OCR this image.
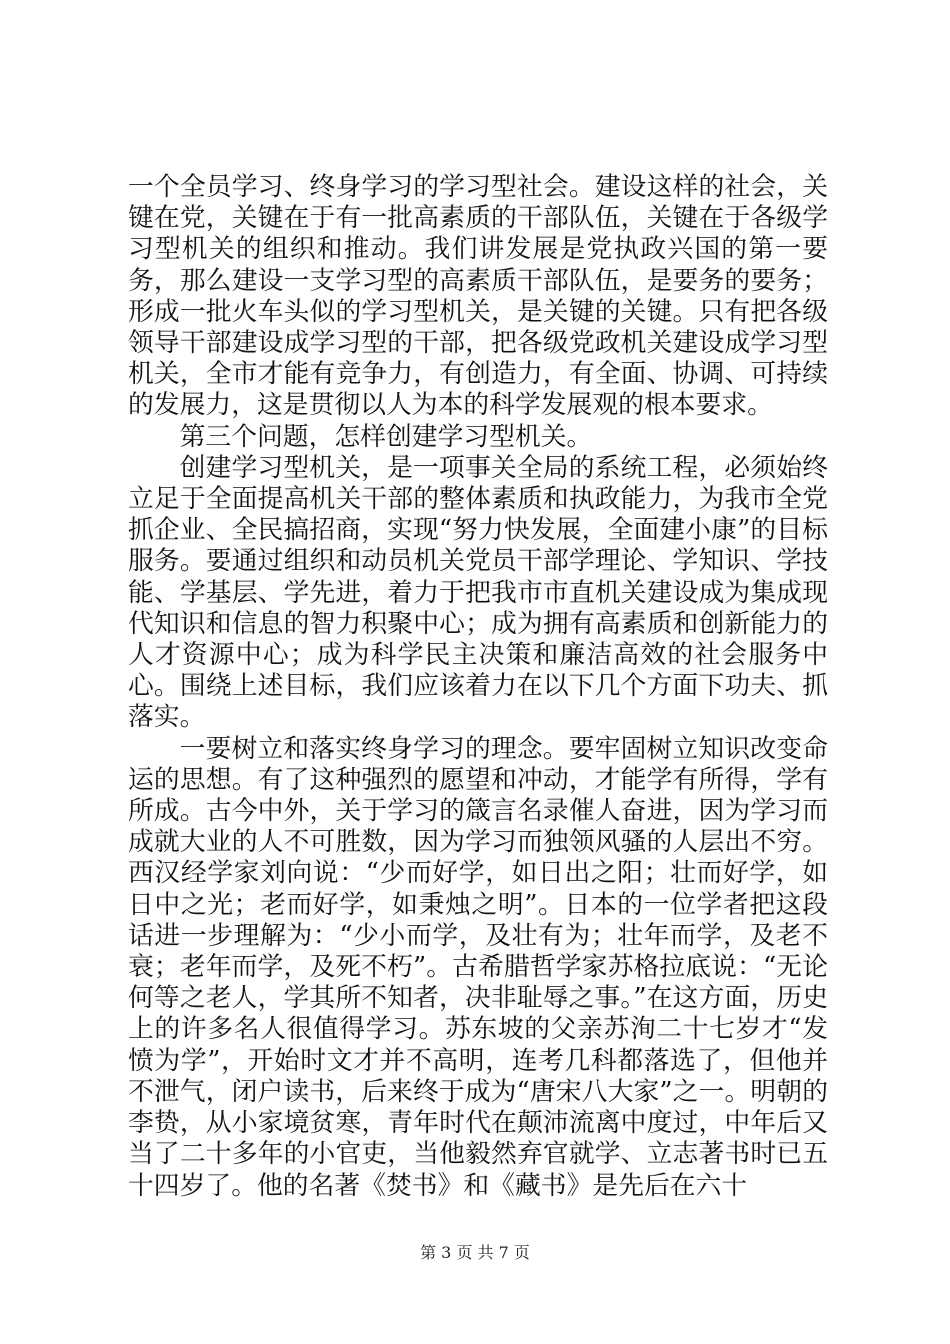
一个全员学习、终身学习的学习型社会。建设这样的社会，关键在党，关键在于有一批高素质的干部队伍，关键在于各级学习型机关的组织和推动。我们讲发展是党执政兴国的第一要务，那么建设一支学习型的高素质干部队伍，是要务的要务；形成一批火车头似的学习型机关，是关键的关键。只有把各级领导干部建设成学习型的干部，把各级党政机关建设成学习型机关，全市才能有竞争力，有创造力，有全面、协调、可持续的发展力，这是贯彻以人为本的科学发展观的根本要求。

第三个问题，怎样创建学习型机关。

创建学习型机关，是一项事关全局的系统工程，必须始终立足于全面提高机关干部的整体素质和执政能力，为我市全党抓企业、全民搞招商，实现“努力快发展，全面建小康”的目标服务。要通过组织和动员机关党员干部学理论、学知识、学技能、学基层、学先进，着力于把我市市直机关建设成为集成现代知识和信息的智力积聚中心；成为拥有高素质和创新能力的人才资源中心；成为科学民主决策和廉洁高效的社会服务中心。围绕上述目标，我们应该着力在以下几个方面下功夫、抓落实。

一要树立和落实终身学习的理念。要牢固树立知识改变命运的思想。有了这种强烈的愿望和冲动，才能学有所得，学有所成。古今中外，关于学习的箴言名录催人奋进，因为学习而成就大业的人不可胜数，因为学习而独领风骚的人层出不穷。西汉经学家刘向说：“少而好学，如日出之阳；壮而好学，如日中之光；老而好学，如秉烛之明”。日本的一位学者把这段话进一步理解为：“少小而学，及壮有为；壮年而学，及老不衰；老年而学，及死不朽”。古希腊哲学家苏格拉底说：“无论何等之老人，学其所不知者，决非耻辱之事。”在这方面，历史上的许多名人很值得学习。苏东坡的父亲苏洵二十七岁才“发愤为学”，开始时文才并不高明，连考几科都落选了，但他并不泄气，闭户读书，后来终于成为“唐宋八大家”之一。明朝的李贽，从小家境贫寒，青年时代在颠沛流离中度过，中年后又当了二十多年的小官吏，当他毅然弃官就学、立志著书时已五十四岁了。他的名著《焚书》和《藏书》是先后在六十

第 3 页 共 7 页
